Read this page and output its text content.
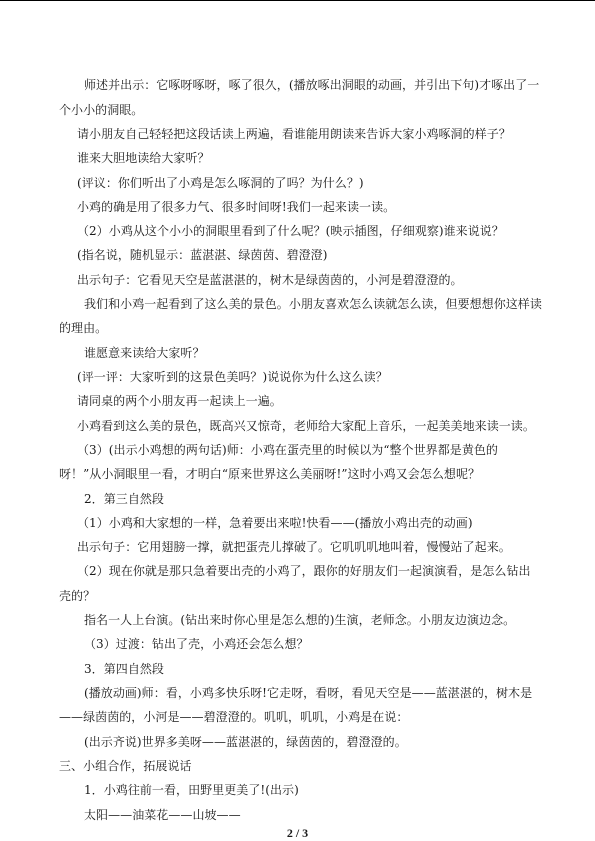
师述并出示：它啄呀啄呀，啄了很久，(播放啄出洞眼的动画，并引出下句)才啄出了一
个小小的洞眼。
请小朋友自己轻轻把这段话读上两遍，看谁能用朗读来告诉大家小鸡啄洞的样子？
谁来大胆地读给大家听？
(评议：你们听出了小鸡是怎么啄洞的了吗？为什么？)
小鸡的确是用了很多力气、很多时间呀!我们一起来读一读。
（2）小鸡从这个小小的洞眼里看到了什么呢？(映示插图，仔细观察)谁来说说？
(指名说，随机显示：蓝湛湛、绿茵茵、碧澄澄)
出示句子：它看见天空是蓝湛湛的，树木是绿茵茵的，小河是碧澄澄的。
我们和小鸡一起看到了这么美的景色。小朋友喜欢怎么读就怎么读，但要想想你这样读
的理由。
谁愿意来读给大家听？
(评一评：大家听到的这景色美吗？)说说你为什么这么读？
请同桌的两个小朋友再一起读上一遍。
小鸡看到这么美的景色，既高兴又惊奇，老师给大家配上音乐，一起美美地来读一读。
（3）(出示小鸡想的两句话)师：小鸡在蛋壳里的时候以为“整个世界都是黄色的
呀！”从小洞眼里一看，才明白“原来世界这么美丽呀!”这时小鸡又会怎么想呢？
2．第三自然段
（1）小鸡和大家想的一样，急着要出来啦!快看——(播放小鸡出壳的动画)
出示句子：它用翅膀一撑，就把蛋壳儿撑破了。它叽叽叽地叫着，慢慢站了起来。
（2）现在你就是那只急着要出壳的小鸡了，跟你的好朋友们一起演演看，是怎么钻出
壳的？
指名一人上台演。(钻出来时你心里是怎么想的)生演，老师念。小朋友边演边念。
（3）过渡：钻出了壳，小鸡还会怎么想？
3．第四自然段
(播放动画)师：看，小鸡多快乐呀!它走呀，看呀，看见天空是——蓝湛湛的，树木是
——绿茵茵的，小河是——碧澄澄的。叽叽，叽叽，小鸡是在说：
(出示齐说)世界多美呀——蓝湛湛的，绿茵茵的，碧澄澄的。
三、小组合作，拓展说话
1．小鸡往前一看，田野里更美了!(出示)
太阳——油菜花——山坡——
2 / 3
